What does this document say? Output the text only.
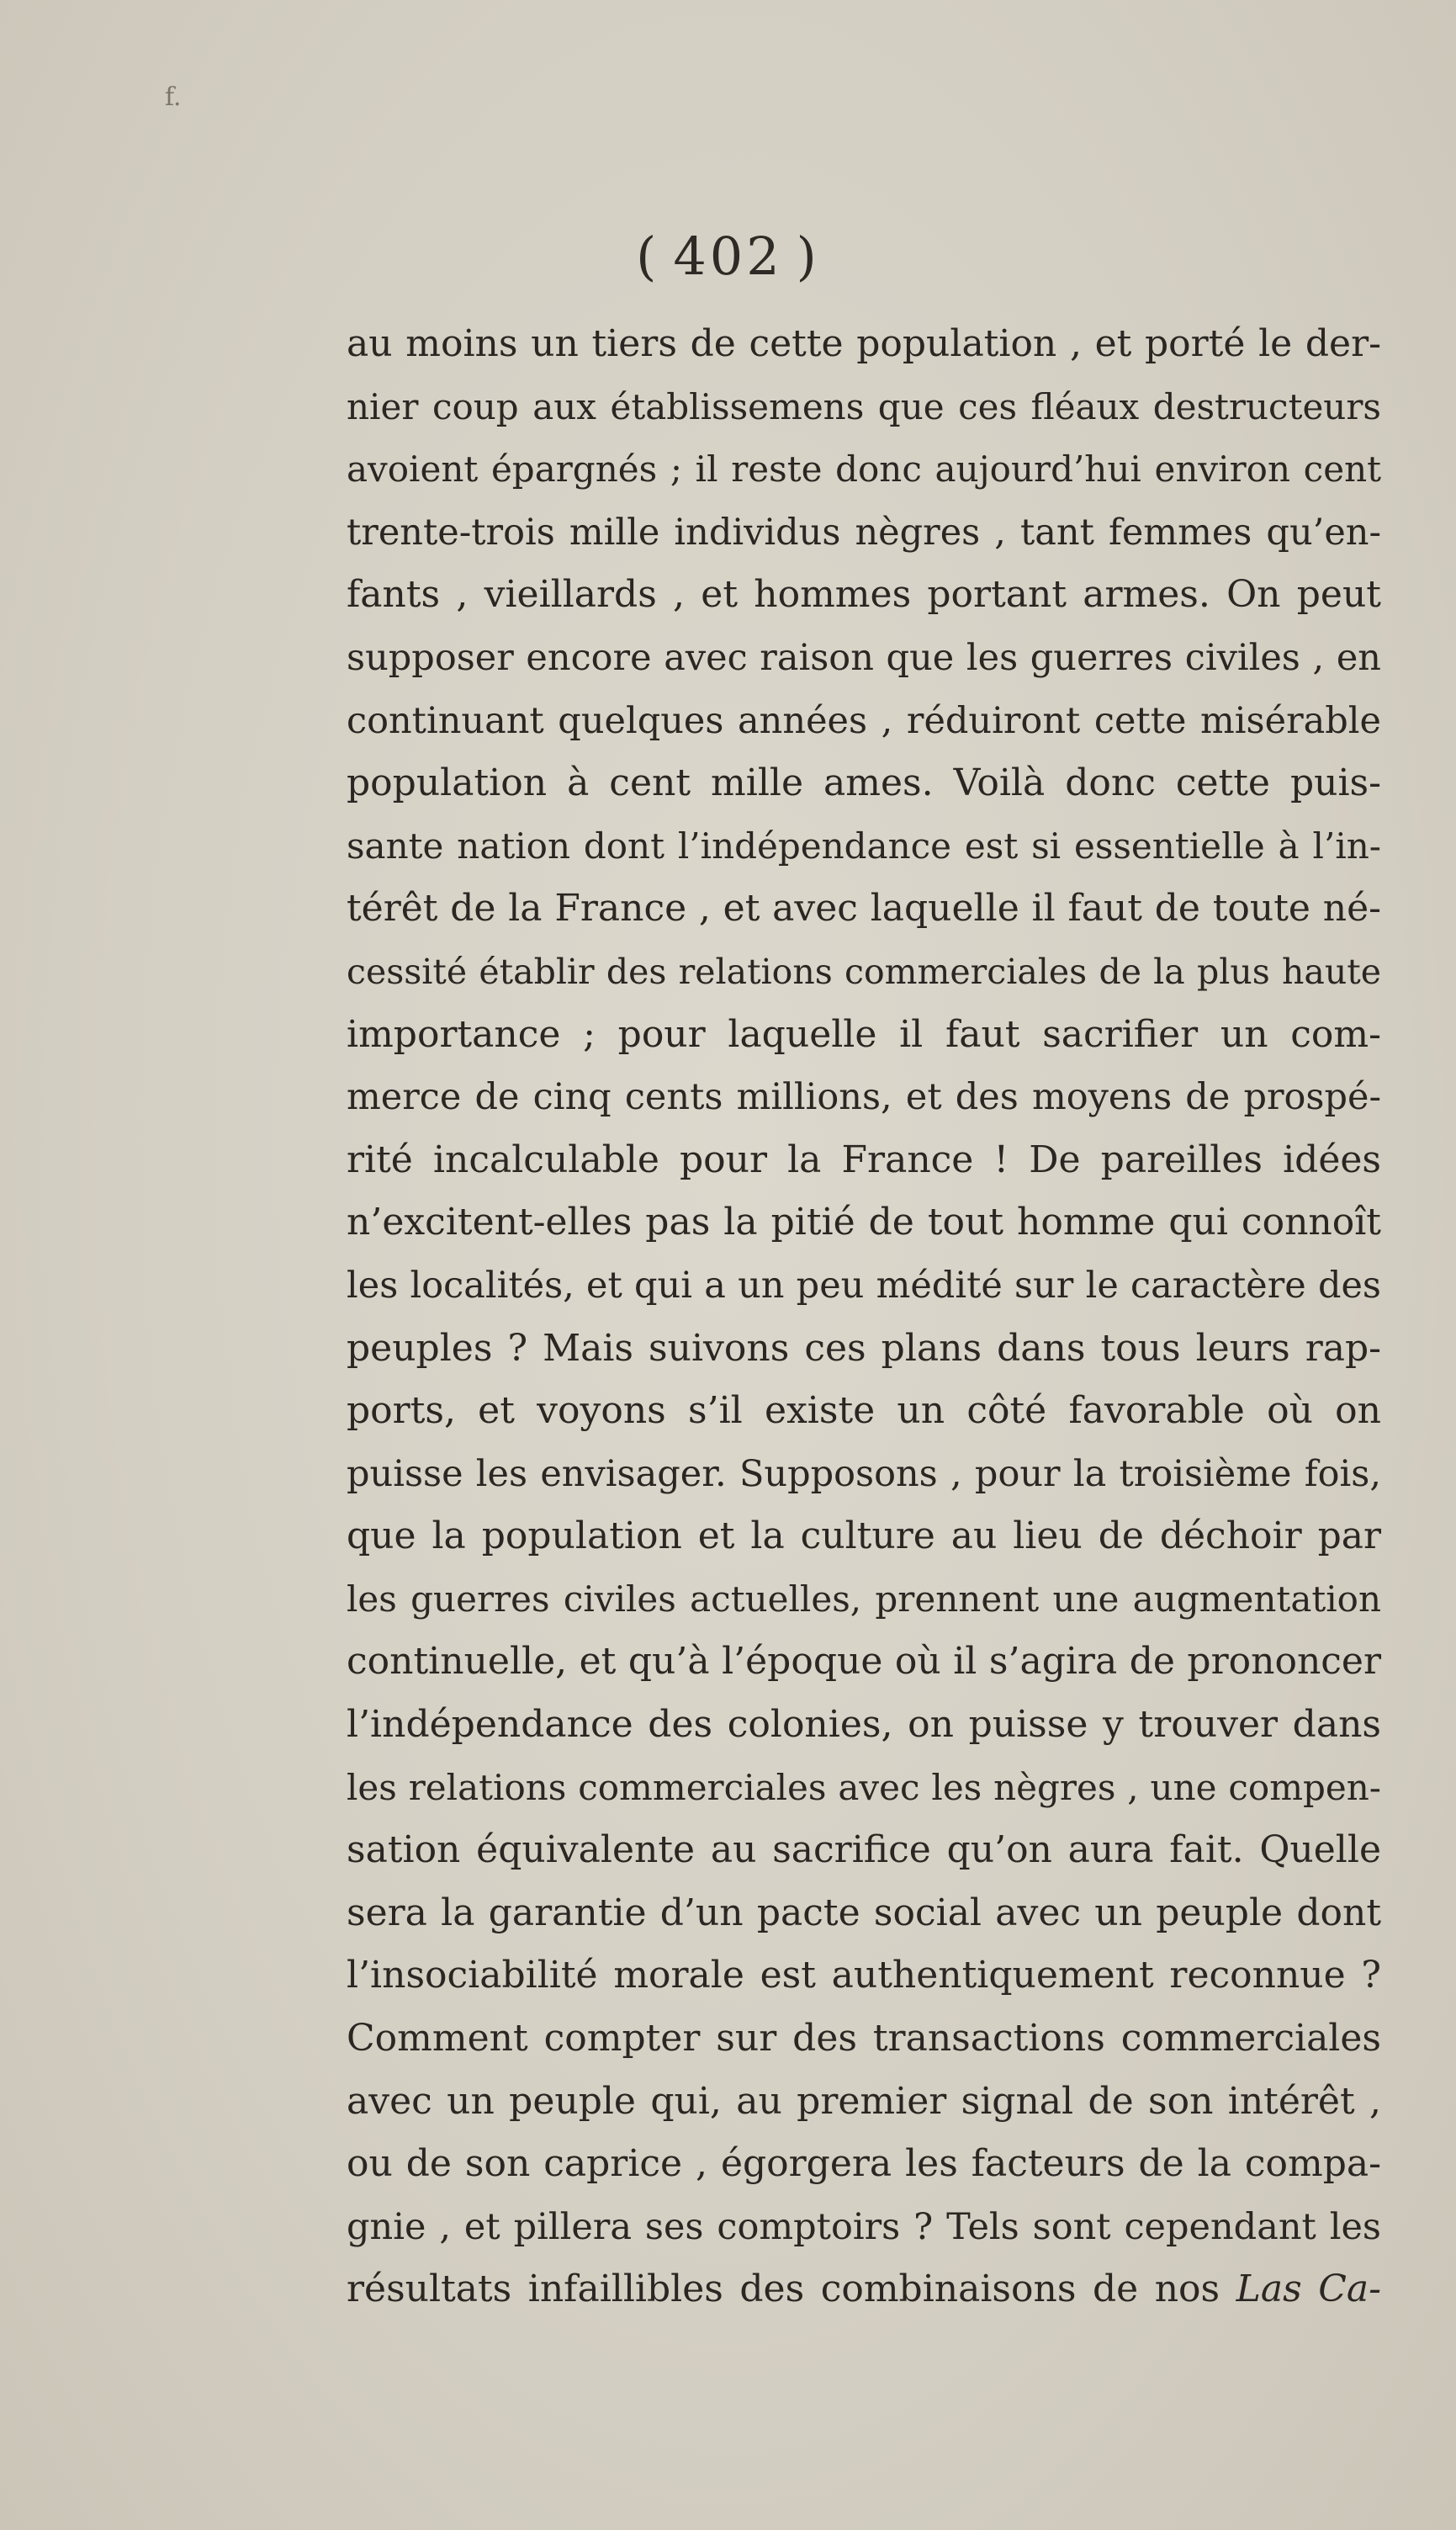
f.
( 402 )
au moins un tiers de cette population , et porté le der-
nier coup aux établissemens que ces fléaux destructeurs
avoient épargnés ; il reste donc aujourd’hui environ cent
trente-trois mille individus nègres , tant femmes qu’en-
fants , vieillards , et hommes portant armes. On peut
supposer encore avec raison que les guerres civiles , en
continuant quelques années , réduiront cette misérable
population à cent mille ames. Voilà donc cette puis-
sante nation dont l’indépendance est si essentielle à l’in-
térêt de la France , et avec laquelle il faut de toute né-
cessité établir des relations commerciales de la plus haute
importance ; pour laquelle il faut sacrifier un com-
merce de cinq cents millions, et des moyens de prospé-
rité incalculable pour la France ! De pareilles idées
n’excitent-elles pas la pitié de tout homme qui connoît
les localités, et qui a un peu médité sur le caractère des
peuples ? Mais suivons ces plans dans tous leurs rap-
ports, et voyons s’il existe un côté favorable où on
puisse les envisager. Supposons , pour la troisième fois,
que la population et la culture au lieu de déchoir par
les guerres civiles actuelles, prennent une augmentation
continuelle, et qu’à l’époque où il s’agira de prononcer
l’indépendance des colonies, on puisse y trouver dans
les relations commerciales avec les nègres , une compen-
sation équivalente au sacrifice qu’on aura fait. Quelle
sera la garantie d’un pacte social avec un peuple dont
l’insociabilité morale est authentiquement reconnue ?
Comment compter sur des transactions commerciales
avec un peuple qui, au premier signal de son intérêt ,
ou de son caprice , égorgera les facteurs de la compa-
gnie , et pillera ses comptoirs ? Tels sont cependant les
résultats infaillibles des combinaisons de nos Las Ca-
